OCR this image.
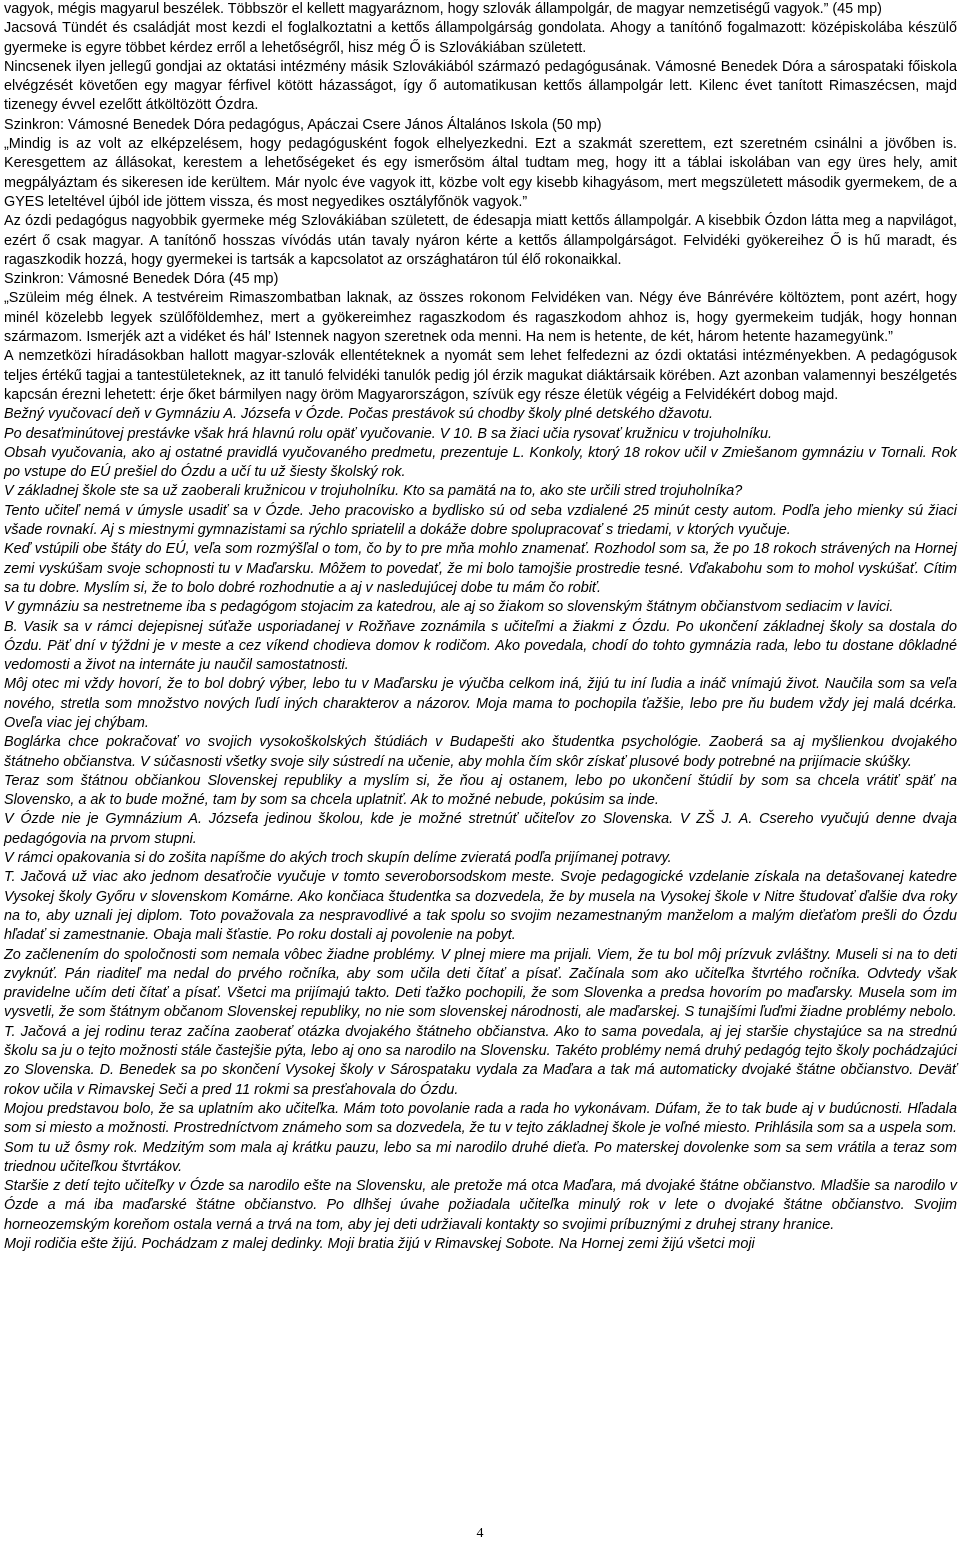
vagyok, mégis magyarul beszélek. Többször el kellett magyaráznom, hogy szlovák állampolgár, de magyar nemzetiségű vagyok.” (45 mp)

Jacsová Tündét és családját most kezdi el foglalkoztatni a kettős állampolgárság gondolata. Ahogy a tanítónő fogalmazott: középiskolába készülő gyermeke is egyre többet kérdez erről a lehetőségről, hisz még Ő is Szlovákiában született.

Nincsenek ilyen jellegű gondjai az oktatási intézmény másik Szlovákiából származó pedagógusának. Vámosné Benedek Dóra a sárospataki főiskola elvégzését követően egy magyar férfivel kötött házasságot, így ő automatikusan kettős állampolgár lett. Kilenc évet tanított Rimaszécsen, majd tizenegy évvel ezelőtt átköltözött Ózdra.

Szinkron: Vámosné Benedek Dóra pedagógus, Apáczai Csere János Általános Iskola (50 mp)

„Mindig is az volt az elképzelésem, hogy pedagógusként fogok elhelyezkedni. Ezt a szakmát szerettem, ezt szeretném csinálni a jövőben is. Keresgettem az állásokat, kerestem a lehetőségeket és egy ismerősöm által tudtam meg, hogy itt a táblai iskolában van egy üres hely, amit megpályáztam és sikeresen ide kerültem. Már nyolc éve vagyok itt, közbe volt egy kisebb kihagyásom, mert megszületett második gyermekem, de a GYES leteltével újból ide jöttem vissza, és most negyedikes osztályfőnök vagyok.”

Az ózdi pedagógus nagyobbik gyermeke még Szlovákiában született, de édesapja miatt kettős állampolgár. A kisebbik Ózdon látta meg a napvilágot, ezért ő csak magyar. A tanítónő hosszas vívódás után tavaly nyáron kérte a kettős állampolgárságot. Felvidéki gyökereihez Ő is hű maradt, és ragaszkodik hozzá, hogy gyermekei is tartsák a kapcsolatot az országhatáron túl élő rokonaikkal.

Szinkron: Vámosné Benedek Dóra (45 mp)

„Szüleim még élnek. A testvéreim Rimaszombatban laknak, az összes rokonom Felvidéken van. Négy éve Bánrévére költöztem, pont azért, hogy minél közelebb legyek szülőföldemhez, mert a gyökereimhez ragaszkodom és ragaszkodom ahhoz is, hogy gyermekeim tudják, hogy honnan származom. Ismerjék azt a vidéket és hál’ Istennek nagyon szeretnek oda menni. Ha nem is hetente, de két, három hetente hazamegyünk.”

A nemzetközi híradásokban hallott magyar-szlovák ellentéteknek a nyomát sem lehet felfedezni az ózdi oktatási intézményekben. A pedagógusok teljes értékű tagjai a tantestületeknek, az itt tanuló felvidéki tanulók pedig jól érzik magukat diáktársaik körében. Azt azonban valamennyi beszélgetés kapcsán érezni lehetett: érje őket bármilyen nagy öröm Magyarországon, szívük egy része életük végéig a Felvidékért dobog majd.

Bežný vyučovací deň v Gymnáziu A. Józsefa v Ózde. Počas prestávok sú chodby školy plné detského džavotu.

Po desaťminútovej prestávke však hrá hlavnú rolu opäť vyučovanie. V 10. B sa žiaci učia rysovať kružnicu v trojuholníku.

Obsah vyučovania, ako aj ostatné pravidlá vyučovaného predmetu, prezentuje L. Konkoly, ktorý 18 rokov učil v Zmiešanom gymnáziu v Tornali. Rok po vstupe do EÚ prešiel do Ózdu a učí tu už šiesty školský rok.

V základnej škole ste sa už zaoberali kružnicou v trojuholníku. Kto sa pamätá na to, ako ste určili stred trojuholníka?

Tento učiteľ nemá v úmysle usadiť sa v Ózde. Jeho pracovisko a bydlisko sú od seba vzdialené 25 minút cesty autom. Podľa jeho mienky sú žiaci všade rovnakí. Aj s miestnymi gymnazistami sa rýchlo spriatelil a dokáže dobre spolupracovať s triedami, v ktorých vyučuje.

Keď vstúpili obe štáty do EÚ, veľa som rozmýšľal o tom, čo by to pre mňa mohlo znamenať. Rozhodol som sa, že po 18 rokoch strávených na Hornej zemi vyskúšam svoje schopnosti tu v Maďarsku. Môžem to povedať, že mi bolo tamojšie prostredie tesné. Vďakabohu som to mohol vyskúšať. Cítim sa tu dobre. Myslím si, že to bolo dobré rozhodnutie a aj v nasledujúcej dobe tu mám čo robiť.

V gymnáziu sa nestretneme iba s pedagógom stojacim za katedrou, ale aj so žiakom so slovenským štátnym občianstvom sediacim v lavici.

B. Vasik sa v rámci dejepisnej súťaže usporiadanej v Rožňave zoznámila s učiteľmi a žiakmi z Ózdu. Po ukončení základnej školy sa dostala do Ózdu. Päť dní v týždni je v meste a cez víkend chodieva domov k rodičom. Ako povedala, chodí do tohto gymnázia rada, lebo tu dostane dôkladné vedomosti a život na internáte ju naučil samostatnosti.

Môj otec mi vždy hovorí, že to bol dobrý výber, lebo tu v Maďarsku je výučba celkom iná, žijú tu iní ľudia a ináč vnímajú život. Naučila som sa veľa nového, stretla som množstvo nových ľudí iných charakterov a názorov. Moja mama to pochopila ťažšie, lebo pre ňu budem vždy jej malá dcérka. Oveľa viac jej chýbam.

Boglárka chce pokračovať vo svojich vysokoškolských štúdiách v Budapešti ako študentka psychológie. Zaoberá sa aj myšlienkou dvojakého štátneho občianstva. V súčasnosti všetky svoje sily sústredí na učenie, aby mohla čím skôr získať plusové body potrebné na prijímacie skúšky.

Teraz som štátnou občiankou Slovenskej republiky a myslím si, že ňou aj ostanem, lebo po ukončení štúdií by som sa chcela vrátiť späť na Slovensko, a ak to bude možné, tam by som sa chcela uplatniť. Ak to možné nebude, pokúsim sa inde.

V Ózde nie je Gymnázium A. Józsefa jedinou školou, kde je možné stretnúť učiteľov zo Slovenska. V ZŠ J. A. Csereho vyučujú denne dvaja pedagógovia na prvom stupni.

V rámci opakovania si do zošita napíšme do akých troch skupín delíme zvieratá podľa prijímanej potravy.

T. Jačová už viac ako jednom desaťročie vyučuje v tomto severoborsodskom meste. Svoje pedagogické vzdelanie získala na detašovanej katedre Vysokej školy Győru v slovenskom Komárne. Ako končiaca študentka sa dozvedela, že by musela na Vysokej škole v Nitre študovať ďalšie dva roky na to, aby uznali jej diplom. Toto považovala za nespravodlivé a tak spolu so svojim nezamestnaným manželom a malým dieťaťom prešli do Ózdu hľadať si zamestnanie. Obaja mali šťastie. Po roku dostali aj povolenie na pobyt.

Zo začlenením do spoločnosti som nemala vôbec žiadne problémy. V plnej miere ma prijali. Viem, že tu bol môj prízvuk zvláštny. Museli si na to deti zvyknúť. Pán riaditeľ ma nedal do prvého ročníka, aby som učila deti čítať a písať. Začínala som ako učiteľka štvrtého ročníka. Odvtedy však pravidelne učím deti čítať a písať. Všetci ma prijímajú takto. Deti ťažko pochopili, že som Slovenka a predsa hovorím po maďarsky. Musela som im vysvetli, že som štátnym občanom Slovenskej republiky, no nie som slovenskej národnosti, ale maďarskej. S tunajšími ľuďmi žiadne problémy nebolo.

T. Jačová a jej rodinu teraz začína zaoberať otázka dvojakého štátneho občianstva. Ako to sama povedala, aj jej staršie chystajúce sa na strednú školu sa ju o tejto možnosti stále častejšie pýta, lebo aj ono sa narodilo na Slovensku. Takéto problémy nemá druhý pedagóg tejto školy pochádzajúci zo Slovenska. D. Benedek sa po skončení Vysokej školy v Sárospataku vydala za Maďara a tak má automaticky dvojaké štátne občianstvo. Deväť rokov učila v Rimavskej Seči a pred 11 rokmi sa presťahovala do Ózdu.

Mojou predstavou bolo, že sa uplatním ako učiteľka. Mám toto povolanie rada a rada ho vykonávam. Dúfam, že to tak bude aj v budúcnosti. Hľadala som si miesto a možnosti. Prostredníctvom známeho som sa dozvedela, že tu v tejto základnej škole je voľné miesto. Prihlásila som sa a uspela som. Som tu už ôsmy rok. Medzitým som mala aj krátku pauzu, lebo sa mi narodilo druhé dieťa. Po materskej dovolenke som sa sem vrátila a teraz som triednou učiteľkou štvrtákov.

Staršie z detí tejto učiteľky v Ózde sa narodilo ešte na Slovensku, ale pretože má otca Maďara, má dvojaké štátne občianstvo. Mladšie sa narodilo v Ózde a má iba maďarské štátne občianstvo. Po dlhšej úvahe požiadala učiteľka minulý rok v lete o dvojaké štátne občianstvo. Svojim horneozemským koreňom ostala verná a trvá na tom, aby jej deti udržiavali kontakty so svojimi príbuznými z druhej strany hranice.

Moji rodičia ešte žijú. Pochádzam z malej dedinky. Moji bratia žijú v Rimavskej Sobote. Na Hornej zemi žijú všetci moji

4
